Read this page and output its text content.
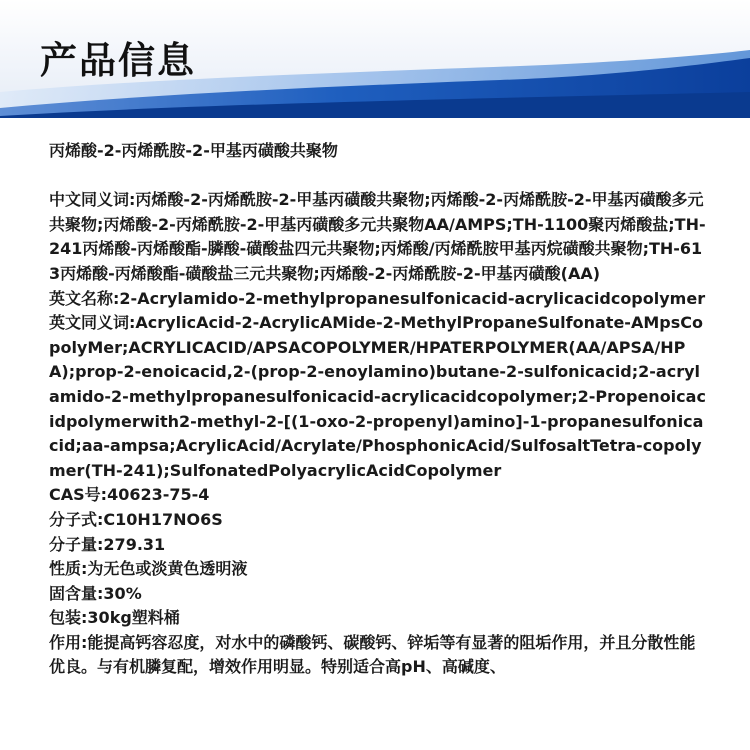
产品信息

丙烯酸-2-丙烯酰胺-2-甲基丙磺酸共聚物

中文同义词:丙烯酸-2-丙烯酰胺-2-甲基丙磺酸共聚物;丙烯酸-2-丙烯酰胺-2-甲基丙磺酸多元共聚物;丙烯酸-2-丙烯酰胺-2-甲基丙磺酸多元共聚物AA/AMPS;TH-1100聚丙烯酸盐;TH-241丙烯酸-丙烯酸酯-膦酸-磺酸盐四元共聚物;丙烯酸/丙烯酰胺甲基丙烷磺酸共聚物;TH-613丙烯酸-丙烯酸酯-磺酸盐三元共聚物;丙烯酸-2-丙烯酰胺-2-甲基丙磺酸(AA)

英文名称:2-Acrylamido-2-methylpropanesulfonicacid-acrylicacidcopolymer

英文同义词:AcrylicAcid-2-AcrylicAMide-2-MethylPropaneSulfonate-AMpsCopolyMer;ACRYLICACID/APSACOPOLYMER/HPATERPOLYMER(AA/APSA/HPA);prop-2-enoicacid,2-(prop-2-enoylamino)butane-2-sulfonicacid;2-acrylamido-2-methylpropanesulfonicacid-acrylicacidcopolymer;2-Propenoicacidpolymerwith2-methyl-2-[(1-oxo-2-propenyl)amino]-1-propanesulfonicacid;aa-ampsa;AcrylicAcid/Acrylate/PhosphonicAcid/SulfosaltTetra-copolymer(TH-241);SulfonatedPolyacrylicAcidCopolymer

CAS号:40623-75-4

分子式:C10H17NO6S

分子量:279.31

性质:为无色或淡黄色透明液

固含量:30%

包装:30kg塑料桶

作用:能提高钙容忍度，对水中的磷酸钙、碳酸钙、锌垢等有显著的阻垢作用，并且分散性能优良。与有机膦复配，增效作用明显。特别适合高pH、高碱度、
